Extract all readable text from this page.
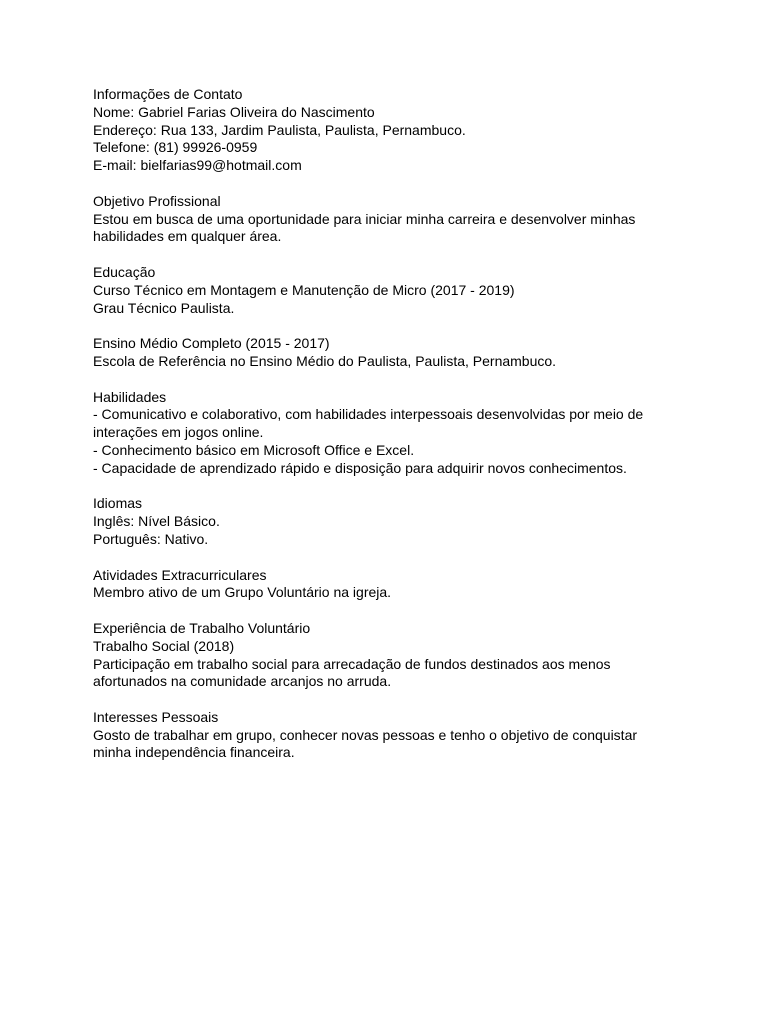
Informações de Contato
Nome: Gabriel Farias Oliveira do Nascimento
Endereço: Rua 133, Jardim Paulista, Paulista, Pernambuco.
Telefone: (81) 99926-0959
E-mail: bielfarias99@hotmail.com
Objetivo Profissional
Estou em busca de uma oportunidade para iniciar minha carreira e desenvolver minhas
habilidades em qualquer área.
Educação
Curso Técnico em Montagem e Manutenção de Micro (2017 - 2019)
Grau Técnico Paulista.
Ensino Médio Completo (2015 - 2017)
Escola de Referência no Ensino Médio do Paulista, Paulista, Pernambuco.
Habilidades
- Comunicativo e colaborativo, com habilidades interpessoais desenvolvidas por meio de
interações em jogos online.
- Conhecimento básico em Microsoft Office e Excel.
- Capacidade de aprendizado rápido e disposição para adquirir novos conhecimentos.
Idiomas
Inglês: Nível Básico.
Português: Nativo.
Atividades Extracurriculares
Membro ativo de um Grupo Voluntário na igreja.
Experiência de Trabalho Voluntário
Trabalho Social (2018)
Participação em trabalho social para arrecadação de fundos destinados aos menos
afortunados na comunidade arcanjos no arruda.
Interesses Pessoais
Gosto de trabalhar em grupo, conhecer novas pessoas e tenho o objetivo de conquistar
minha independência financeira.
